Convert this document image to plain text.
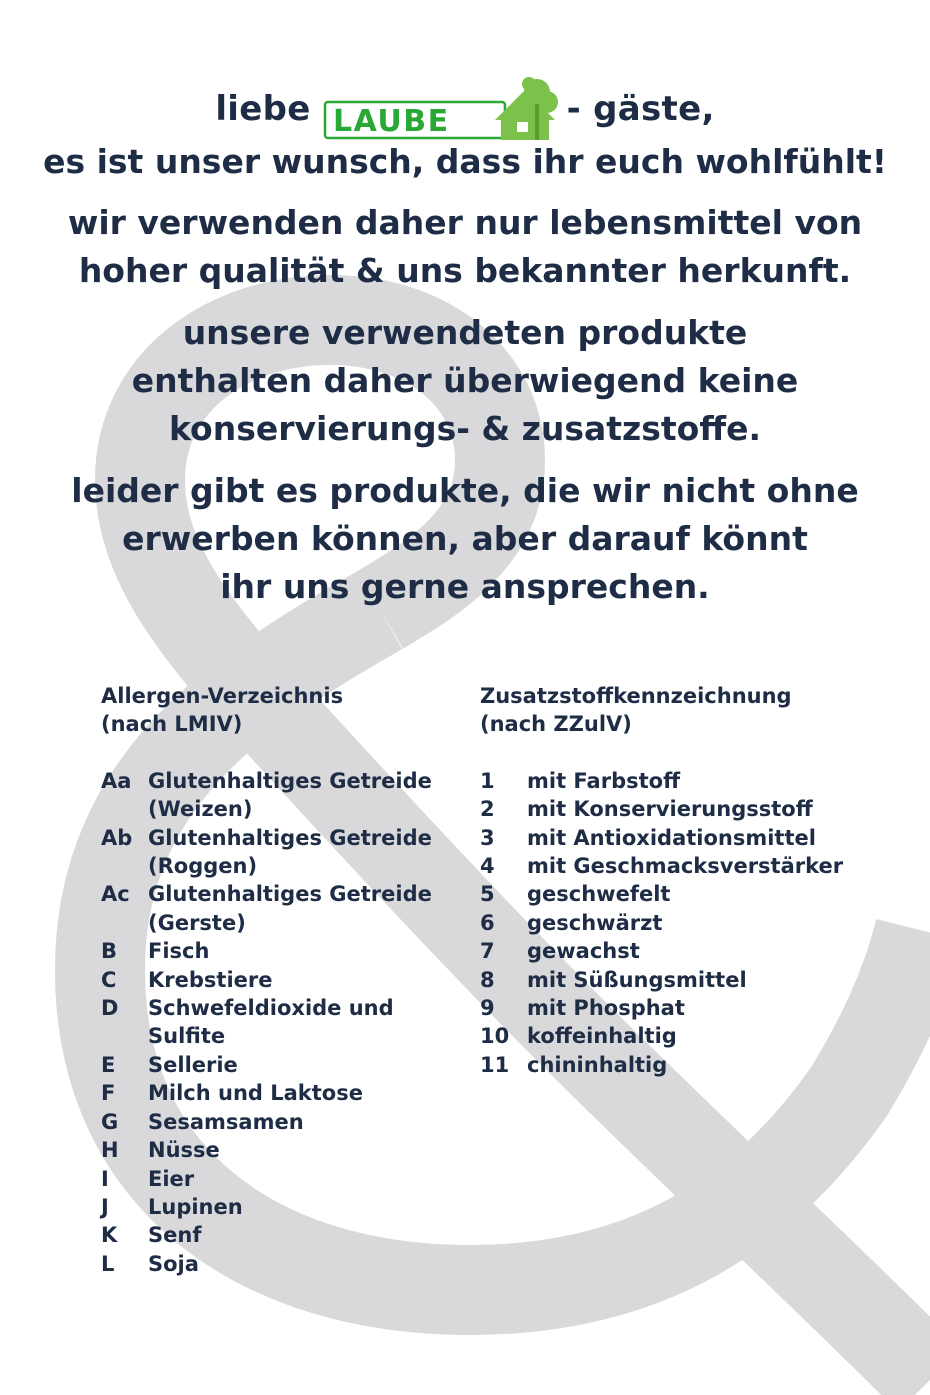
liebe LAUBE	- gäste,

es ist unser wunsch, dass ihr euch wohlfühlt!

wir verwenden daher nur lebensmittel von
hoher qualität & uns bekannter herkunft.

unsere verwendeten produkte
enthalten daher überwiegend keine
konservierungs- & zusatzstoffe.

leider gibt es produkte, die wir nicht ohne
erwerben können, aber darauf könnt
ihr uns gerne ansprechen.

Allergen-Verzeichnis
(nach LMIV)
Aa Glutenhaltiges Getreide
(Weizen)
Ab Glutenhaltiges Getreide
(Roggen)
Ac Glutenhaltiges Getreide
(Gerste)
B	Fisch
C	Krebstiere
D	Schwefeldioxide und Sulfite
E	Sellerie
F	Milch und Laktose
G	Sesamsamen
H	Nüsse
I	Eier
J	Lupinen
K	Senf
L	Soja
Zusatzstoffkennzeichnung
(nach ZZulV)
1	mit Farbstoff
2	mit Konservierungsstoff
3	mit Antioxidationsmittel
4	mit Geschmacksverstärker
5	geschwefelt
6	geschwärzt
7	gewachst
8	mit Süßungsmittel
9	mit Phosphat
10 koffeinhaltig
11 chininhaltig
